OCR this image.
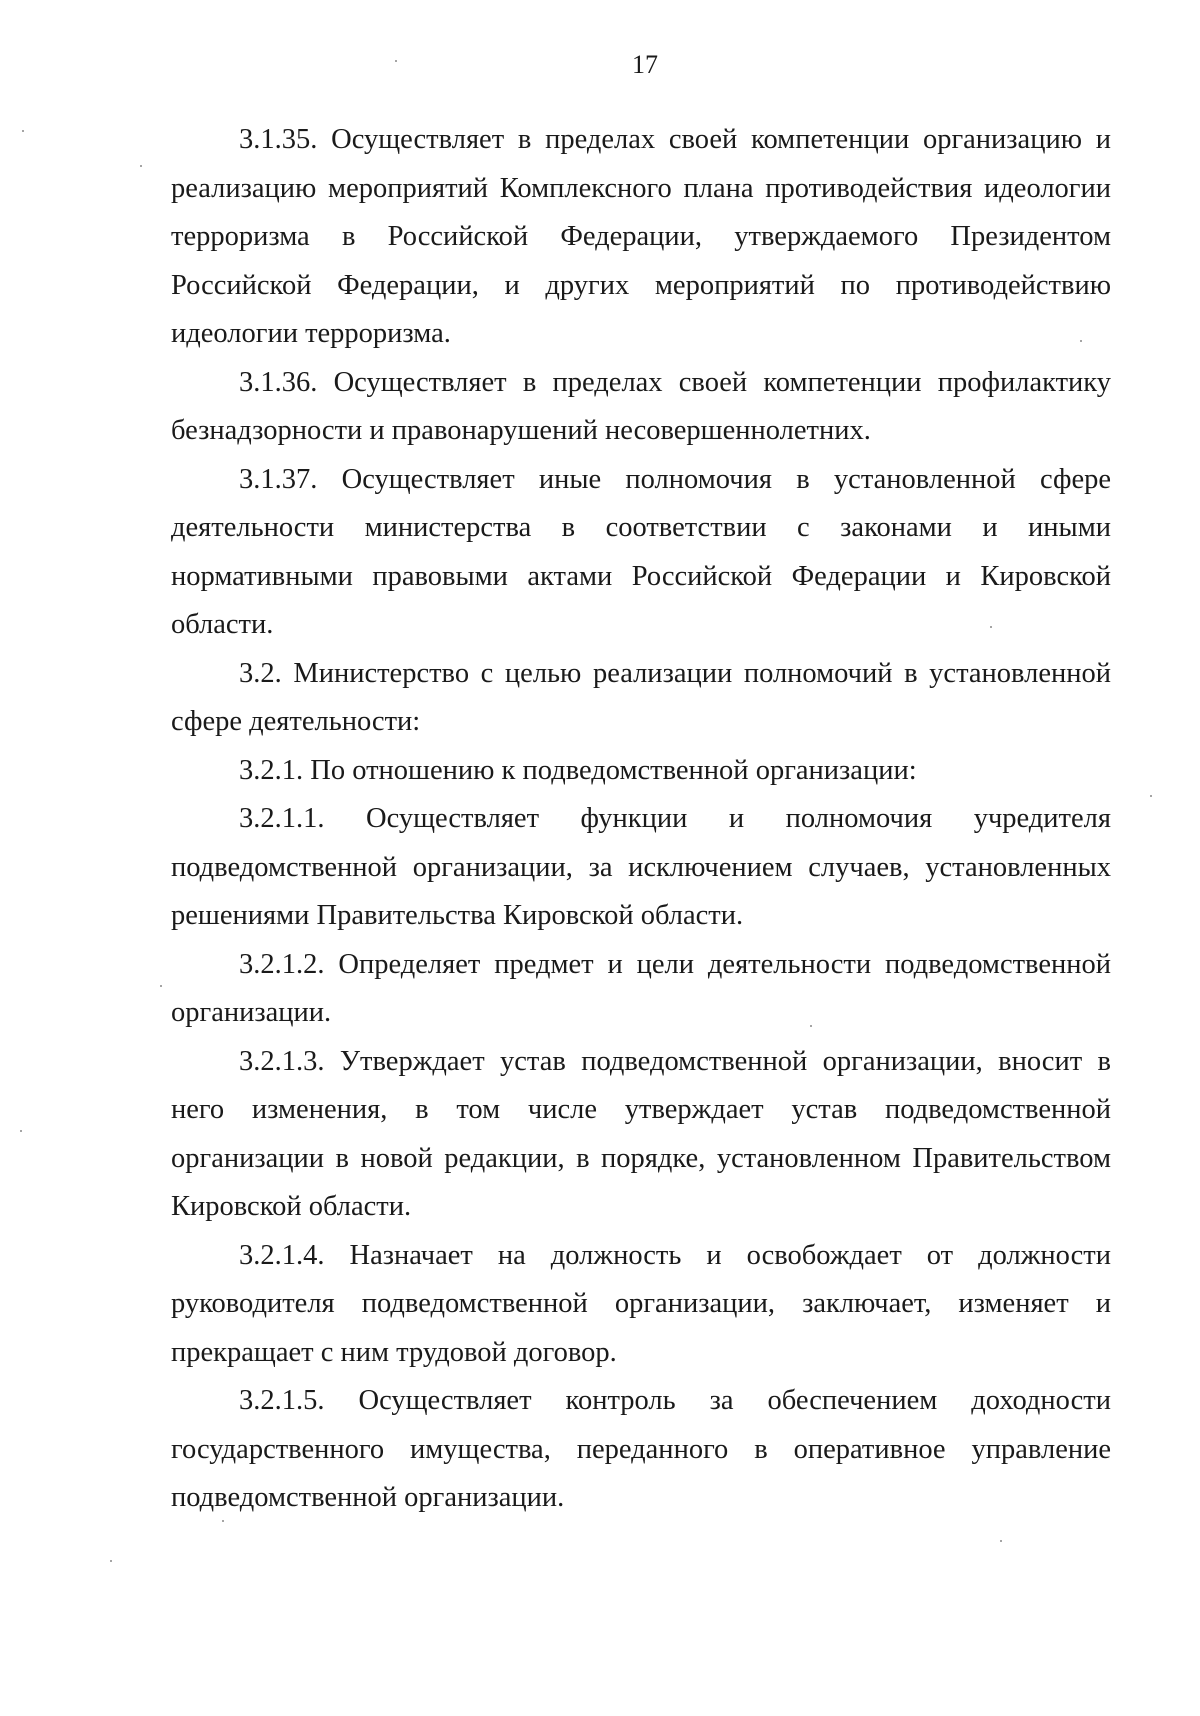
17

3.1.35. Осуществляет в пределах своей компетенции организацию и реализацию мероприятий Комплексного плана противодействия идеологии терроризма в Российской Федерации, утверждаемого Президентом Российской Федерации, и других мероприятий по противодействию идеологии терроризма.

3.1.36. Осуществляет в пределах своей компетенции профилактику безнадзорности и правонарушений несовершеннолетних.

3.1.37. Осуществляет иные полномочия в установленной сфере деятельности министерства в соответствии с законами и иными нормативными правовыми актами Российской Федерации и Кировской области.

3.2. Министерство с целью реализации полномочий в установленной сфере деятельности:

3.2.1. По отношению к подведомственной организации:

3.2.1.1. Осуществляет функции и полномочия учредителя подведомственной организации, за исключением случаев, установленных решениями Правительства Кировской области.

3.2.1.2. Определяет предмет и цели деятельности подведомственной организации.

3.2.1.3. Утверждает устав подведомственной организации, вносит в него изменения, в том числе утверждает устав подведомственной организации в новой редакции, в порядке, установленном Правительством Кировской области.

3.2.1.4. Назначает на должность и освобождает от должности руководителя подведомственной организации, заключает, изменяет и прекращает с ним трудовой договор.

3.2.1.5. Осуществляет контроль за обеспечением доходности государственного имущества, переданного в оперативное управление подведомственной организации.
